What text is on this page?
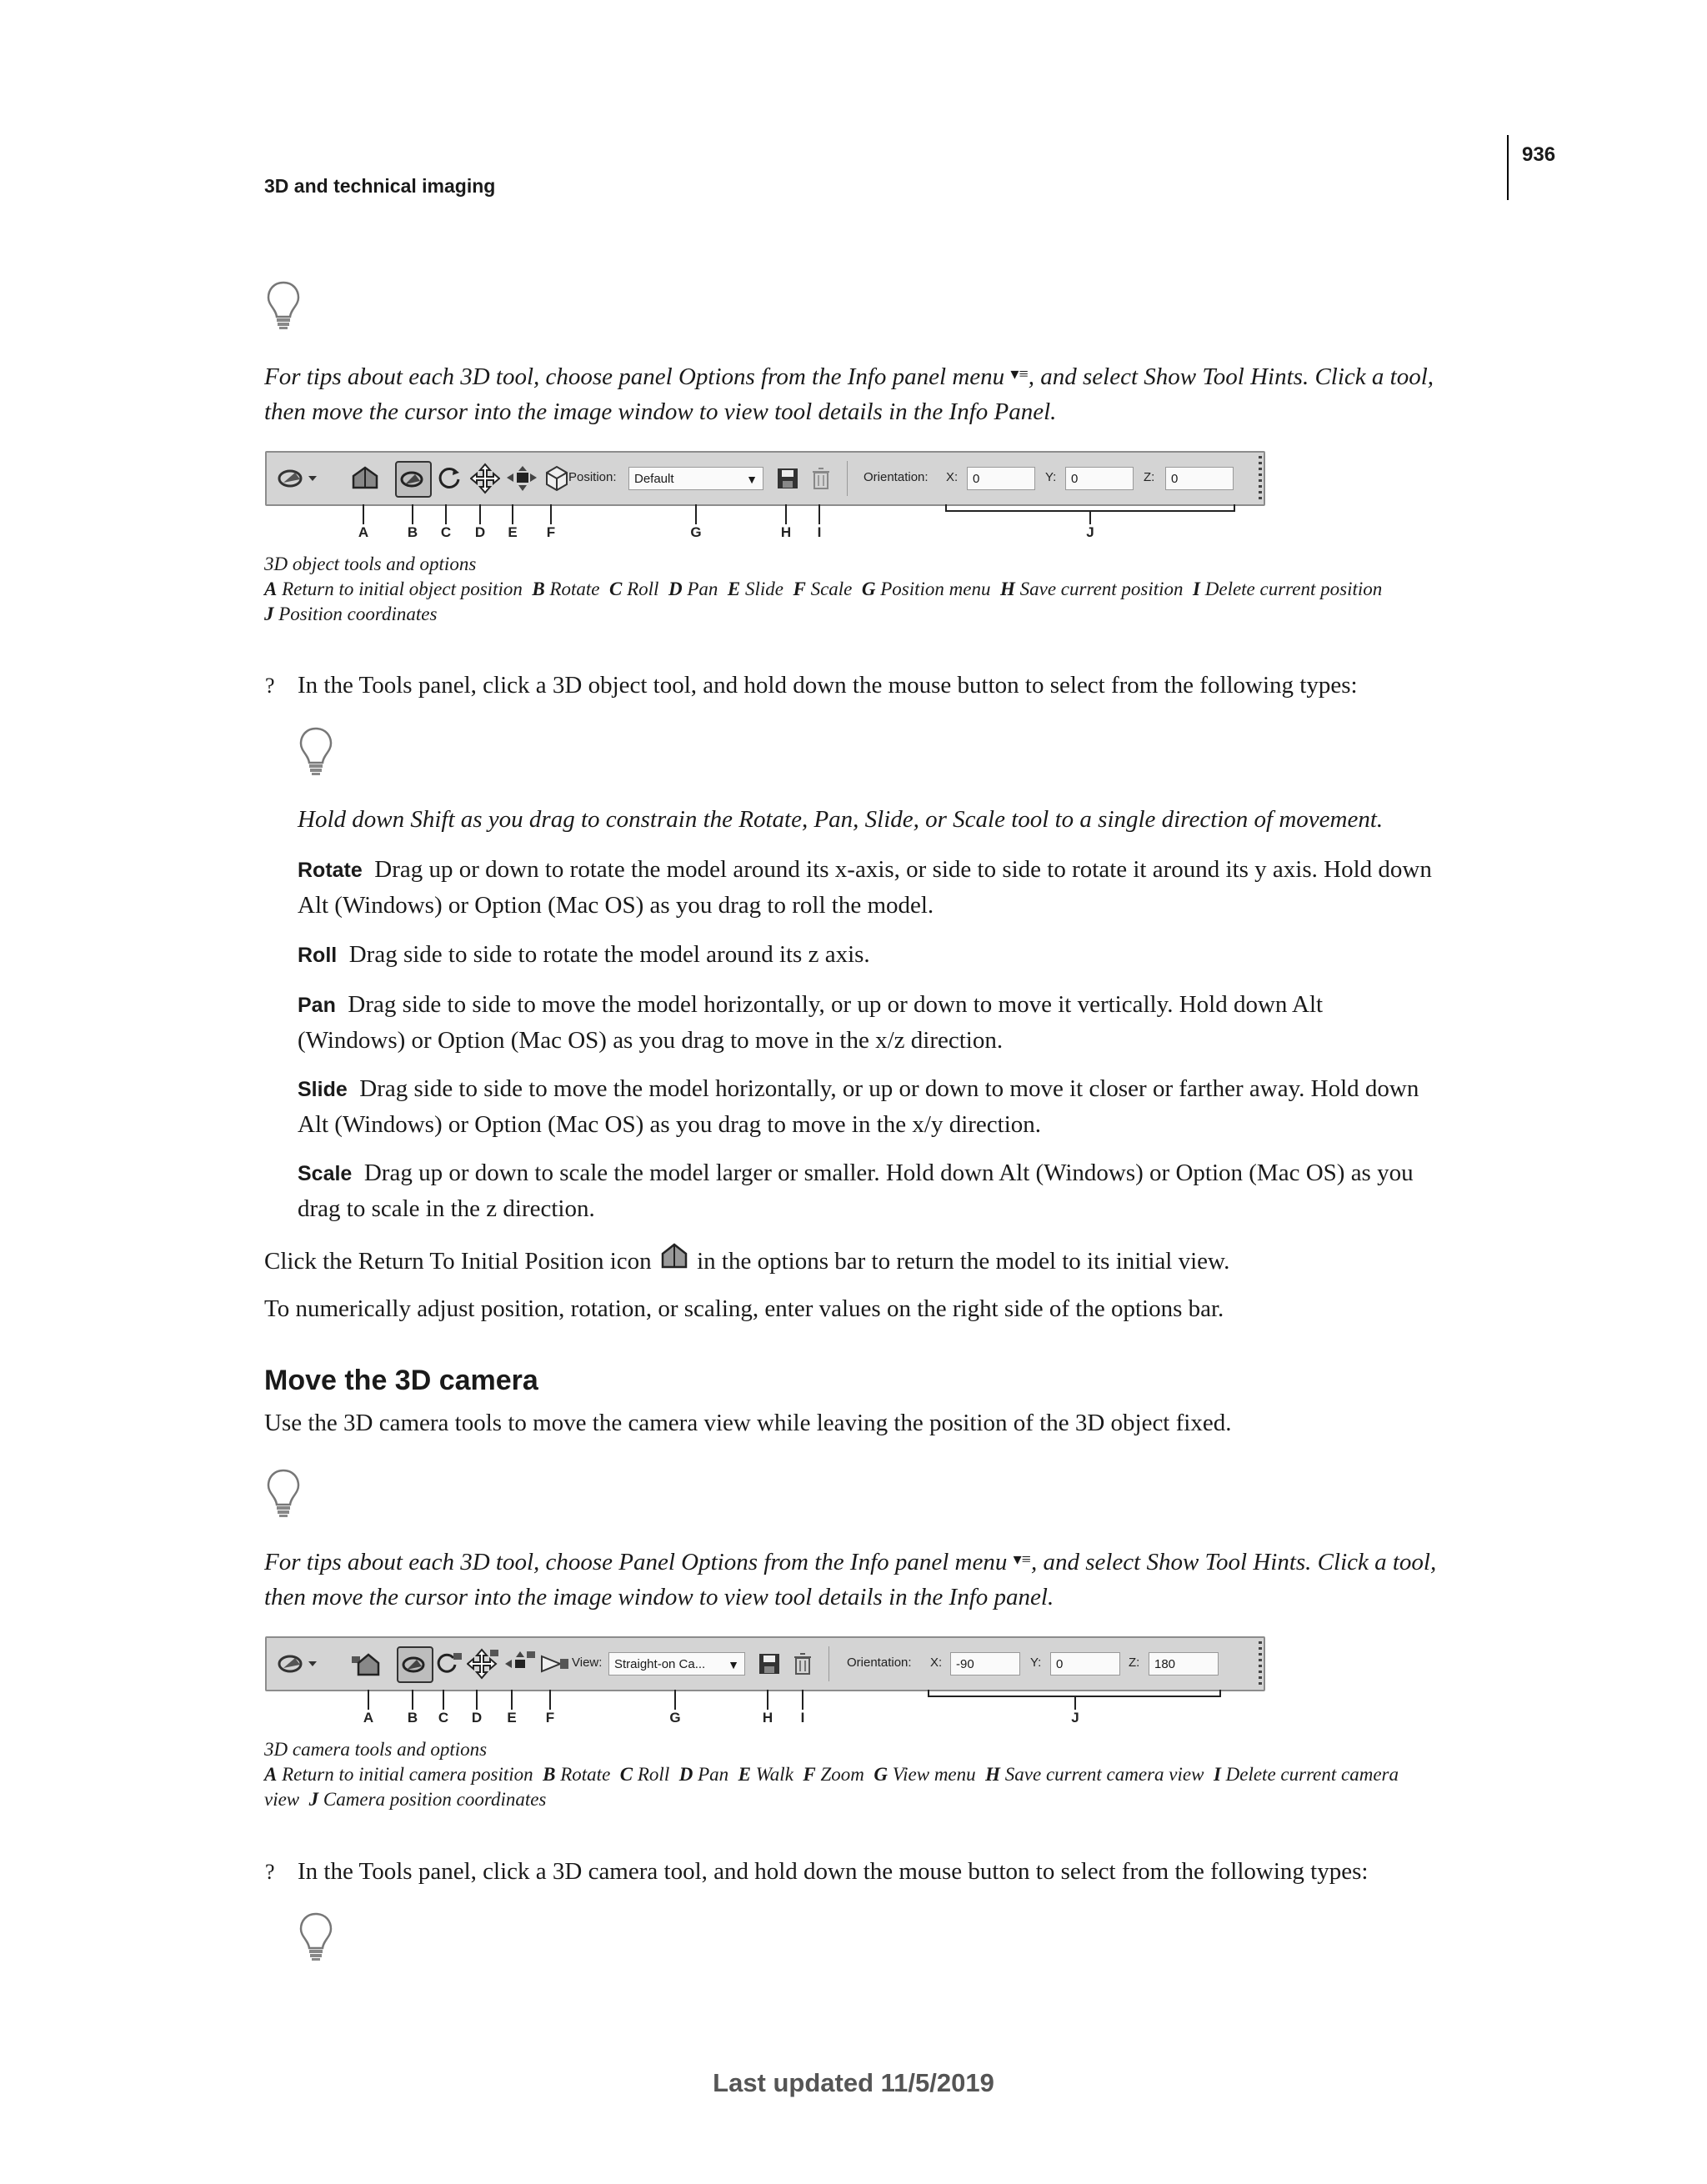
936
3D and technical imaging
For tips about each 3D tool, choose panel Options from the Info panel menu ▾≡, and select Show Tool Hints. Click a tool,
then move the cursor into the image window to view tool details in the Info Panel.
Position:	Default	▼	Orientation: X:	0	Y:	0	Z:	0
A	B C D E F	G	H I	J
3D object tools and options
A Return to initial object position B Rotate C Roll D Pan E Slide F Scale G Position menu H Save current position I Delete current position
J Position coordinates
? In the Tools panel, click a 3D object tool, and hold down the mouse button to select from the following types:
Hold down Shift as you drag to constrain the Rotate, Pan, Slide, or Scale tool to a single direction of movement.
Rotate Drag up or down to rotate the model around its x-axis, or side to side to rotate it around its y axis. Hold down
Alt (Windows) or Option (Mac OS) as you drag to roll the model.
Roll Drag side to side to rotate the model around its z axis.
Pan Drag side to side to move the model horizontally, or up or down to move it vertically. Hold down Alt
(Windows) or Option (Mac OS) as you drag to move in the x/z direction.
Slide Drag side to side to move the model horizontally, or up or down to move it closer or farther away. Hold down
Alt (Windows) or Option (Mac OS) as you drag to move in the x/y direction.
Scale Drag up or down to scale the model larger or smaller. Hold down Alt (Windows) or Option (Mac OS) as you
drag to scale in the z direction.
Click the Return To Initial Position icon  in the options bar to return the model to its initial view.
To numerically adjust position, rotation, or scaling, enter values on the right side of the options bar.
Move the 3D camera
Use the 3D camera tools to move the camera view while leaving the position of the 3D object fixed.
For tips about each 3D tool, choose Panel Options from the Info panel menu ▾≡, and select Show Tool Hints. Click a tool,
then move the cursor into the image window to view tool details in the Info panel.
View: Straight-on Ca... ▼	Orientation: X:	-90	Y:	0	Z:	180
A B C D E F	G	H I	J
3D camera tools and options
A Return to initial camera position B Rotate C Roll D Pan E Walk F Zoom G View menu H Save current camera view I Delete current camera
view J Camera position coordinates
? In the Tools panel, click a 3D camera tool, and hold down the mouse button to select from the following types:
Last updated 11/5/2019
